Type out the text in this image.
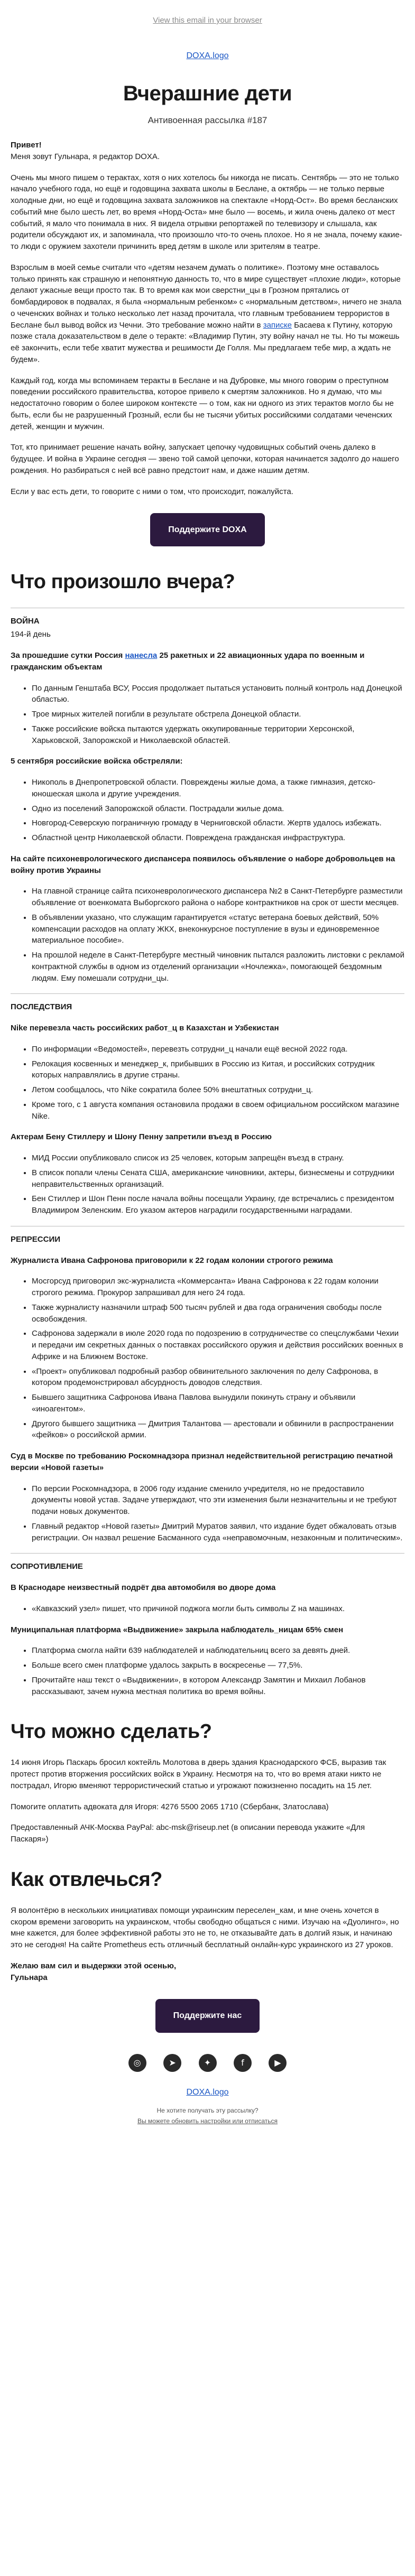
View this email in your browser
DOXA.logo
Вчерашние дети
Антивоенная рассылка #187

Привет!

Меня зовут Гульнара, я редактор DOXA.

Очень мы много пишем о терактах, хотя о них хотелось бы никогда не писать. Сентябрь — это не только начало учебного года, но ещё и годовщина захвата школы в Беслане, а октябрь — не только первые холодные дни, но ещё и годовщина захвата заложников на спектакле «Норд-Ост». Во время бесланских событий мне было шесть лет, во время «Норд-Оста» мне было — восемь, и жила очень далеко от мест событий, я мало что понимала в них. Я видела отрывки репортажей по телевизору и слышала, как родители обсуждают их, и запоминала, что произошло что-то очень плохое. Но я не знала, почему какие-то люди с оружием захотели причинить вред детям в школе или зрителям в театре.

Взрослым в моей семье считали что «детям незачем думать о политике». Поэтому мне оставалось только принять как страшную и непонятную данность то, что в мире существует «плохие люди», которые делают ужасные вещи просто так. В то время как мои сверстни_цы в Грозном прятались от бомбардировок в подвалах, я была «нормальным ребенком» с «нормальным детством», ничего не знала о чеченских войнах и только несколько лет назад прочитала, что главным требованием террористов в Беслане был вывод войск из Чечни. Это требование можно найти в записке Басаева к Путину, которую позже стала доказательством в деле о теракте: «Владимир Путин, эту войну начал не ты. Но ты можешь её закончить, если тебе хватит мужества и решимости Де Голля. Мы предлагаем тебе мир, а ждать не будем».

Каждый год, когда мы вспоминаем теракты в Беслане и на Дубровке, мы много говорим о преступном поведении российского правительства, которое привело к смертям заложников. Но я думаю, что мы недостаточно говорим о более широком контексте — о том, как ни одного из этих терактов могло бы не быть, если бы не разрушенный Грозный, если бы не тысячи убитых российскими солдатами чеченских детей, женщин и мужчин.

Тот, кто принимает решение начать войну, запускает цепочку чудовищных событий очень далеко в будущее. И война в Украине сегодня — звено той самой цепочки, которая начинается задолго до нашего рождения. Но разбираться с ней всё равно предстоит нам, и даже нашим детям.

Если у вас есть дети, то говорите с ними о том, что происходит, пожалуйста.

Поддержите DOXA
Что произошло вчера?
ВОЙНА

194-й день

За прошедшие сутки Россия нанесла 25 ракетных и 22 авиационных удара по военным и гражданским объектам

• По данным Генштаба ВСУ, Россия продолжает пытаться установить полный контроль над Донецкой областью.
• Трое мирных жителей погибли в результате обстрела Донецкой области.
• Также российские войска пытаются удержать оккупированные территории Херсонской, Харьковской, Запорожской и Николаевской областей.

5 сентября российские войска обстреляли:

• Никополь в Днепропетровской области. Повреждены жилые дома, а также гимназия, детско-юношеская школа и другие учреждения.
• Одно из поселений Запорожской области. Пострадали жилые дома.
• Новгород-Северскую пограничную громаду в Черниговской области. Жертв удалось избежать.
• Областной центр Николаевской области. Повреждена гражданская инфраструктура.

На сайте психоневрологического диспансера появилось объявление о наборе добровольцев на войну против Украины

• На главной странице сайта психоневрологического диспансера №2 в Санкт-Петербурге разместили объявление от военкомата Выборгского района о наборе контрактников на срок от шести месяцев.
• В объявлении указано, что служащим гарантируется «статус ветерана боевых действий, 50% компенсации расходов на оплату ЖКХ, внеконкурсное поступление в вузы и единовременное материальное пособие».
• На прошлой неделе в Санкт-Петербурге местный чиновник пытался разложить листовки с рекламой контрактной службы в одном из отделений организации «Ночлежка», помогающей бездомным людям. Ему помешали сотрудни_цы.
ПОСЛЕДСТВИЯ

Nike перевезла часть российских работ_ц в Казахстан и Узбекистан

• По информации «Ведомостей», перевезть сотрудни_ц начали ещё весной 2022 года.
• Релокация косвенных и менеджер_к, прибывших в Россию из Китая, и российских сотрудник которых направлялись в другие страны.
• Летом сообщалось, что Nike сократила более 50% внештатных сотрудни_ц.
• Кроме того, с 1 августа компания остановила продажи в своем официальном российском магазине Nike.

Актерам Бену Стиллеру и Шону Пенну запретили въезд в Россию

• МИД России опубликовало список из 25 человек, которым запрещён въезд в страну.
• В список попали члены Сената США, американские чиновники, актеры, бизнесмены и сотрудники неправительственных организаций.
• Бен Стиллер и Шон Пенн после начала войны посещали Украину, где встречались с президентом Владимиром Зеленским. Его указом актеров наградили государственными наградами.
РЕПРЕССИИ

Журналиста Ивана Сафронова приговорили к 22 годам колонии строгого режима

• Мосгорсуд приговорил экс-журналиста «Коммерсанта» Ивана Сафронова к 22 годам колонии строгого режима. Прокурор запрашивал для него 24 года.
• Также журналисту назначили штраф 500 тысяч рублей и два года ограничения свободы после освобождения.
• Сафронова задержали в июле 2020 года по подозрению в сотрудничестве со спецслужбами Чехии и передачи им секретных данных о поставках российского оружия и действия российских военных в Африке и на Ближнем Востоке.
• «Проект» опубликовал подробный разбор обвинительного заключения по делу Сафронова, в котором продемонстрировал абсурдность доводов следствия.
• Бывшего защитника Сафронова Ивана Павлова вынудили покинуть страну и объявили «иноагентом».
• Другого бывшего защитника — Дмитрия Талантова — арестовали и обвинили в распространении «фейков» о российской армии.

Суд в Москве по требованию Роскомнадзора признал недействительной регистрацию печатной версии «Новой газеты»

• По версии Роскомнадзора, в 2006 году издание сменило учредителя, но не предоставило документы новой устав. Задаче утверждают, что эти изменения были незначительны и не требуют подачи новых документов.
• Главный редактор «Новой газеты» Дмитрий Муратов заявил, что издание будет обжаловать отзыв регистрации. Он назвал решение Басманного суда «неправомочным, незаконным и политическим».
СОПРОТИВЛЕНИЕ

В Краснодаре неизвестный подрёт два автомобиля во дворе дома

• «Кавказский узел» пишет, что причиной поджога могли быть символы Z на машинах.

Муниципальная платформа «Выдвижение» закрыла наблюдатель_ницам 65% смен

• Платформа смогла найти 639 наблюдателей и наблюдательниц всего за девять дней.
• Больше всего смен платформе удалось закрыть в воскресенье — 77,5%.
• Прочитайте наш текст о «Выдвижении», в котором Александр Замятин и Михаил Лобанов рассказывают, зачем нужна местная политика во время войны.
Что можно сделать?

14 июня Игорь Паскарь бросил коктейль Молотова в дверь здания Краснодарского ФСБ, выразив так протест против вторжения российских войск в Украину. Несмотря на то, что во время атаки никто не пострадал, Игорю вменяют террористический статью и угрожают пожизненно посадить на 15 лет.

Помогите оплатить адвоката для Игоря: 4276 5500 2065 1710 (Сбербанк, Златослава)

Предоставленный АЧК-Москва PayPal: abc-msk@riseup.net (в описании перевода укажите «Для Паскаря»)

Как отвлечься?

Я волонтёрю в нескольких инициативах помощи украинским переселен_кам, и мне очень хочется в скором времени заговорить на украинском, чтобы свободно общаться с ними. Изучаю на «Дуолинго», но мне кажется, для более эффективной работы это не то, не отказывайте дать в долгий язык, и начинаю это не сегодня! На сайте Prometheus есть отличный бесплатный онлайн-курс украинского из 27 уроков.

Желаю вам сил и выдержки этой осенью,

Гульнара

Поддержите нас
◎	➤	✦	f	▶
DOXA.logo
Не хотите получать эту рассылку?
Вы можете обновить настройки или отписаться
